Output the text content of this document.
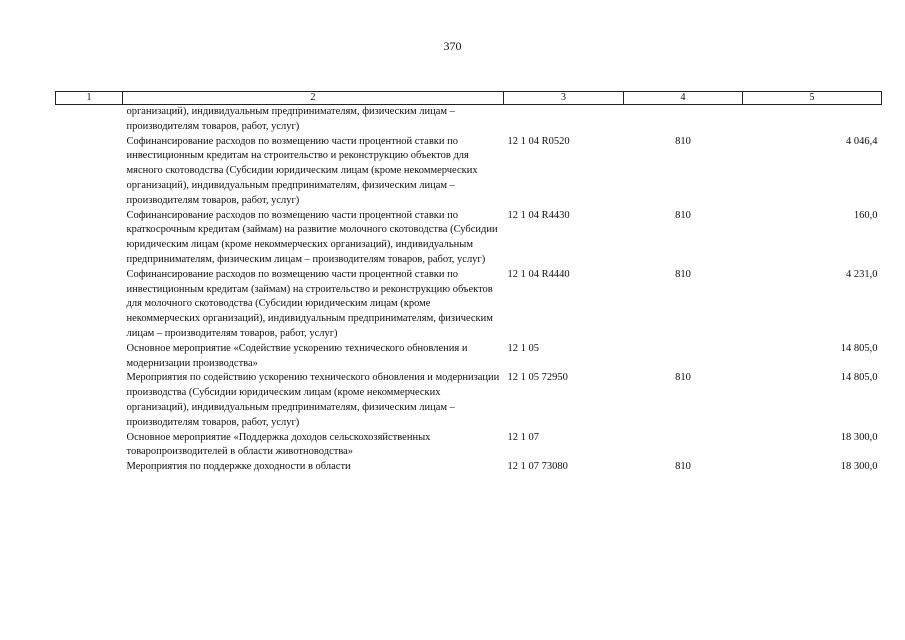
370
1	2	3	4	5
	организаций), индивидуальным предпринимателям, физическим лицам – производителям товаров, работ, услуг)			
	Софинансирование расходов по возмещению части процентной ставки по инвестиционным кредитам на строительство и реконструкцию объектов для мясного скотоводства (Субсидии юридическим лицам (кроме некоммерческих организаций), индивидуальным предпринимателям, физическим лицам – производителям товаров, работ, услуг)	12 1 04 R0520	810	4 046,4
	Софинансирование расходов по возмещению части процентной ставки по краткосрочным кредитам (займам) на развитие молочного скотоводства (Субсидии юридическим лицам (кроме некоммерческих организаций), индивидуальным предпринимателям, физическим лицам – производителям товаров, работ, услуг)	12 1 04 R4430	810	160,0
	Софинансирование расходов по возмещению части процентной ставки по инвестиционным кредитам (займам) на строительство и реконструкцию объектов для молочного скотоводства (Субсидии юридическим лицам (кроме некоммерческих организаций), индивидуальным предпринимателям, физическим лицам – производителям товаров, работ, услуг)	12 1 04 R4440	810	4 231,0
	Основное мероприятие «Содействие ускорению технического обновления и модернизации производства»	12 1 05		14 805,0
	Мероприятия по содействию ускорению технического обновления и модернизации производства (Субсидии юридическим лицам (кроме некоммерческих организаций), индивидуальным предпринимателям, физическим лицам – производителям товаров, работ, услуг)	12 1 05 72950	810	14 805,0
	Основное мероприятие «Поддержка доходов сельскохозяйственных товаропроизводителей в области животноводства»	12 1 07		18 300,0
	Мероприятия по поддержке доходности в области	12 1 07 73080	810	18 300,0
